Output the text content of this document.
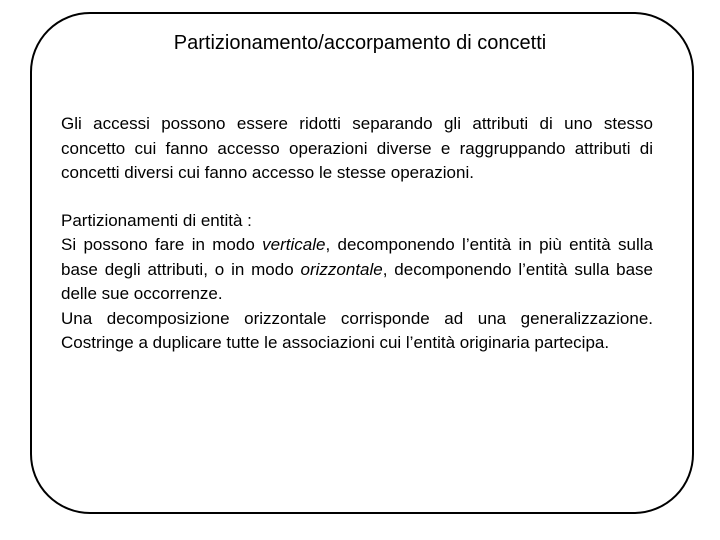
Partizionamento/accorpamento di concetti

Gli accessi possono essere ridotti separando gli attributi di uno stesso concetto cui fanno accesso operazioni diverse e raggruppando attributi di concetti diversi cui fanno accesso le stesse operazioni.

Partizionamenti di entità :

Si possono fare in modo verticale, decomponendo l’entità in più entità sulla base degli attributi, o in modo orizzontale, decomponendo l’entità sulla base delle sue occorrenze.

Una decomposizione orizzontale corrisponde ad una generalizzazione. Costringe a duplicare tutte le associazioni cui l’entità originaria partecipa.
